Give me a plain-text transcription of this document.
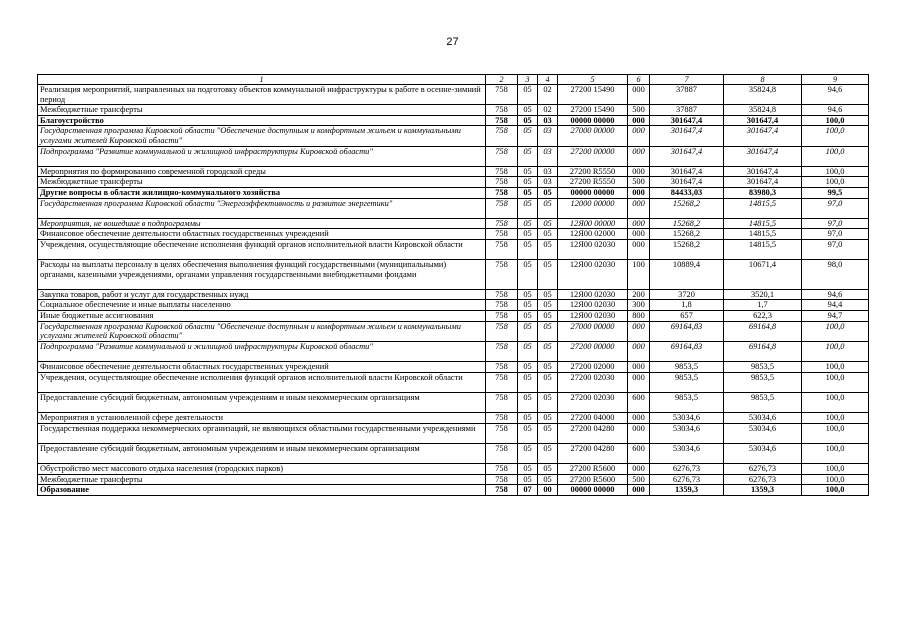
27
1	2	3	4	5	6	7	8	9
Реализация мероприятий, направленных на подготовку объектов коммунальной инфраструктуры к работе в осенне-зимний период	758	05	02	27200 15490	000	37887	35824,8	94,6
Межбюджетные трансферты	758	05	02	27200 15490	500	37887	35824,8	94,6
Благоустройство	758	05	03	00000 00000	000	301647,4	301647,4	100,0
Государственная программа Кировской области "Обеспечение доступным и комфортным жильем и коммунальными услугами жителей Кировской области"	758	05	03	27000 00000	000	301647,4	301647,4	100,0
Подпрограмма "Развитие коммунальной и жилищной инфраструктуры Кировской области"	758	05	03	27200 00000	000	301647,4	301647,4	100,0
Мероприятия по формированию современной городской среды	758	05	03	27200 R5550	000	301647,4	301647,4	100,0
Межбюджетные трансферты	758	05	03	27200 R5550	500	301647,4	301647,4	100,0
Другие вопросы в области жилищно-коммунального хозяйства	758	05	05	00000 00000	000	84433,03	83980,3	99,5
Государственная программа Кировской области "Энергоэффективность и развитие энергетики"	758	05	05	12000 00000	000	15268,2	14815,5	97,0
Мероприятия, не вошедшие в подпрограммы	758	05	05	12Я00 00000	000	15268,2	14815,5	97,0
Финансовое обеспечение деятельности областных государственных учреждений	758	05	05	12Я00 02000	000	15268,2	14815,5	97,0
Учреждения, осуществляющие обеспечение исполнения функций органов исполнительной власти Кировской области	758	05	05	12Я00 02030	000	15268,2	14815,5	97,0
Расходы на выплаты персоналу в целях обеспечения выполнения функций государственными (муниципальными) органами, казенными учреждениями, органами управления государственными внебюджетными фондами	758	05	05	12Я00 02030	100	10889,4	10671,4	98,0
Закупка товаров, работ и услуг для государственных нужд	758	05	05	12Я00 02030	200	3720	3520,1	94,6
Социальное обеспечение и иные выплаты населению	758	05	05	12Я00 02030	300	1,8	1,7	94,4
Иные бюджетные ассигнования	758	05	05	12Я00 02030	800	657	622,3	94,7
Государственная программа Кировской области "Обеспечение доступным и комфортным жильем и коммунальными услугами жителей Кировской области"	758	05	05	27000 00000	000	69164,83	69164,8	100,0
Подпрограмма "Развитие коммунальной и жилищной инфраструктуры Кировской области"	758	05	05	27200 00000	000	69164,83	69164,8	100,0
Финансовое обеспечение деятельности областных государственных учреждений	758	05	05	27200 02000	000	9853,5	9853,5	100,0
Учреждения, осуществляющие обеспечение исполнения функций органов исполнительной власти Кировской области	758	05	05	27200 02030	000	9853,5	9853,5	100,0
Предоставление субсидий бюджетным, автономным учреждениям и иным некоммерческим организациям	758	05	05	27200 02030	600	9853,5	9853,5	100,0
Мероприятия в установленной сфере деятельности	758	05	05	27200 04000	000	53034,6	53034,6	100,0
Государственная поддержка некоммерческих организаций, не являющихся областными государственными учреждениями	758	05	05	27200 04280	000	53034,6	53034,6	100,0
Предоставление субсидий бюджетным, автономным учреждениям и иным некоммерческим организациям	758	05	05	27200 04280	600	53034,6	53034,6	100,0
Обустройство мест массового отдыха населения (городских парков)	758	05	05	27200 R5600	000	6276,73	6276,73	100,0
Межбюджетные трансферты	758	05	05	27200 R5600	500	6276,73	6276,73	100,0
Образование	758	07	00	00000 00000	000	1359,3	1359,3	100,0
